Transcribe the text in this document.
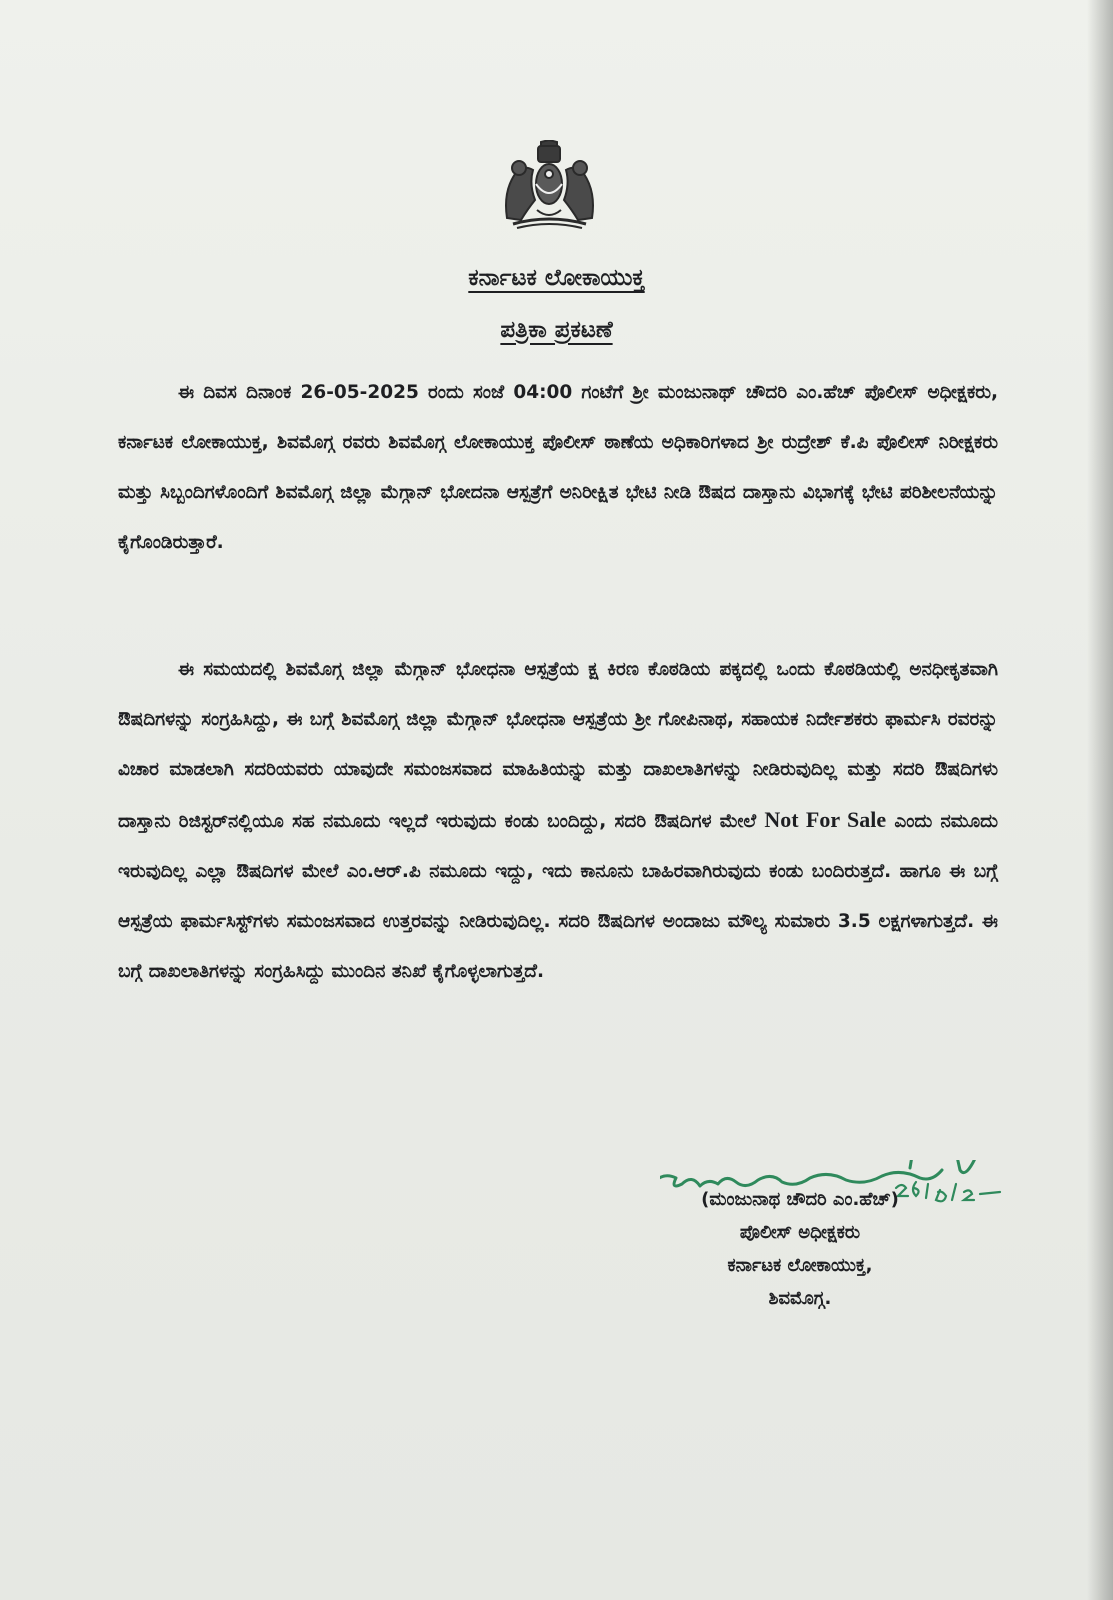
ಕರ್ನಾಟಕ ಲೋಕಾಯುಕ್ತ
ಪತ್ರಿಕಾ ಪ್ರಕಟಣೆ

ಈ ದಿವಸ ದಿನಾಂಕ 26-05-2025 ರಂದು ಸಂಜೆ 04:00 ಗಂಟೆಗೆ ಶ್ರೀ ಮಂಜುನಾಥ್ ಚೌದರಿ ಎಂ.ಹೆಚ್ ಪೊಲೀಸ್ ಅಧೀಕ್ಷಕರು, ಕರ್ನಾಟಕ ಲೋಕಾಯುಕ್ತ, ಶಿವಮೊಗ್ಗ ರವರು ಶಿವಮೊಗ್ಗ ಲೋಕಾಯುಕ್ತ ಪೊಲೀಸ್ ಠಾಣೆಯ ಅಧಿಕಾರಿಗಳಾದ ಶ್ರೀ ರುದ್ರೇಶ್ ಕೆ.ಪಿ ಪೊಲೀಸ್ ನಿರೀಕ್ಷಕರು ಮತ್ತು ಸಿಬ್ಬಂದಿಗಳೊಂದಿಗೆ ಶಿವಮೊಗ್ಗ ಜಿಲ್ಲಾ ಮೆಗ್ಗಾನ್ ಭೋದನಾ ಆಸ್ಪತ್ರೆಗೆ ಅನಿರೀಕ್ಷಿತ ಭೇಟಿ ನೀಡಿ ಔಷದ ದಾಸ್ತಾನು ವಿಭಾಗಕ್ಕೆ ಭೇಟಿ ಪರಿಶೀಲನೆಯನ್ನು ಕೈಗೊಂಡಿರುತ್ತಾರೆ.

ಈ ಸಮಯದಲ್ಲಿ ಶಿವಮೊಗ್ಗ ಜಿಲ್ಲಾ ಮೆಗ್ಗಾನ್ ಭೋಧನಾ ಆಸ್ಪತ್ರೆಯ ಕ್ಷ ಕಿರಣ ಕೊಠಡಿಯ ಪಕ್ಕದಲ್ಲಿ ಒಂದು ಕೊಠಡಿಯಲ್ಲಿ ಅನಧೀಕೃತವಾಗಿ ಔಷದಿಗಳನ್ನು ಸಂಗ್ರಹಿಸಿದ್ದು, ಈ ಬಗ್ಗೆ ಶಿವಮೊಗ್ಗ ಜಿಲ್ಲಾ ಮೆಗ್ಗಾನ್ ಭೋಧನಾ ಆಸ್ಪತ್ರೆಯ ಶ್ರೀ ಗೋಪಿನಾಥ, ಸಹಾಯಕ ನಿರ್ದೇಶಕರು ಫಾರ್ಮಸಿ ರವರನ್ನು ವಿಚಾರ ಮಾಡಲಾಗಿ ಸದರಿಯವರು ಯಾವುದೇ ಸಮಂಜಸವಾದ ಮಾಹಿತಿಯನ್ನು ಮತ್ತು ದಾಖಲಾತಿಗಳನ್ನು ನೀಡಿರುವುದಿಲ್ಲ ಮತ್ತು ಸದರಿ ಔಷದಿಗಳು ದಾಸ್ತಾನು ರಿಜಿಸ್ಟರ್‌ನಲ್ಲಿಯೂ ಸಹ ನಮೂದು ಇಲ್ಲದೆ ಇರುವುದು ಕಂಡು ಬಂದಿದ್ದು, ಸದರಿ ಔಷದಿಗಳ ಮೇಲೆ Not For Sale ಎಂದು ನಮೂದು ಇರುವುದಿಲ್ಲ ಎಲ್ಲಾ ಔಷದಿಗಳ ಮೇಲೆ ಎಂ.ಆರ್.ಪಿ ನಮೂದು ಇದ್ದು, ಇದು ಕಾನೂನು ಬಾಹಿರವಾಗಿರುವುದು ಕಂಡು ಬಂದಿರುತ್ತದೆ. ಹಾಗೂ ಈ ಬಗ್ಗೆ ಆಸ್ಪತ್ರೆಯ ಫಾರ್ಮಸಿಸ್ಟ್‌ಗಳು ಸಮಂಜಸವಾದ ಉತ್ತರವನ್ನು ನೀಡಿರುವುದಿಲ್ಲ. ಸದರಿ ಔಷದಿಗಳ ಅಂದಾಜು ಮೌಲ್ಯ ಸುಮಾರು 3.5 ಲಕ್ಷಗಳಾಗುತ್ತದೆ. ಈ ಬಗ್ಗೆ ದಾಖಲಾತಿಗಳನ್ನು ಸಂಗ್ರಹಿಸಿದ್ದು ಮುಂದಿನ ತನಿಖೆ ಕೈಗೊಳ್ಳಲಾಗುತ್ತದೆ.

(ಮಂಜುನಾಥ ಚೌದರಿ ಎಂ.ಹೆಚ್)
ಪೊಲೀಸ್ ಅಧೀಕ್ಷಕರು
ಕರ್ನಾಟಕ ಲೋಕಾಯುಕ್ತ,
ಶಿವಮೊಗ್ಗ.
